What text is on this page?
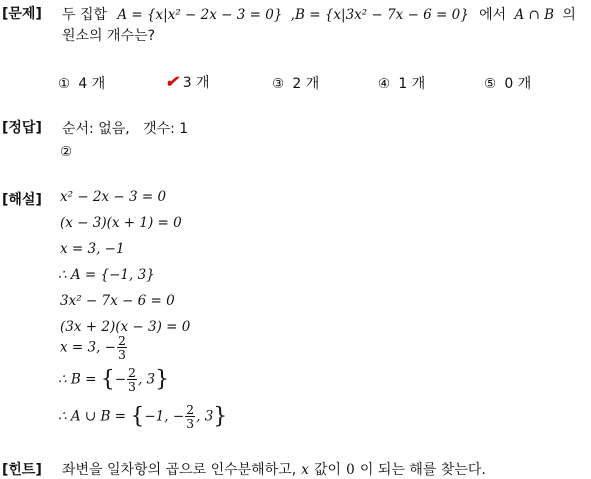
[문제] 두 집합 A = {x|x² − 2x − 3 = 0} ,B = {x|3x² − 7x − 6 = 0} 에서 A ∩ B 의
원소의 개수는?
① 4 개	✔ 3 개	③ 2 개	④ 1 개	⑤ 0 개
[정답] 순서: 없음,   갯수: 1
②
[해설] x² − 2x − 3 = 0
(x − 3)(x + 1) = 0
x = 3, −1
∴ A = {−1, 3}
3x² − 7x − 6 = 0
(3x + 2)(x − 3) = 0
x = 3, − $\frac{2}{3}$
∴ B = {− $\frac{2}{3}$ , 3}
∴ A ∪ B = {−1, − $\frac{2}{3}$ , 3}
[힌트] 좌변을 일차항의 곱으로 인수분해하고, x 값이 0 이 되는 해를 찾는다.
